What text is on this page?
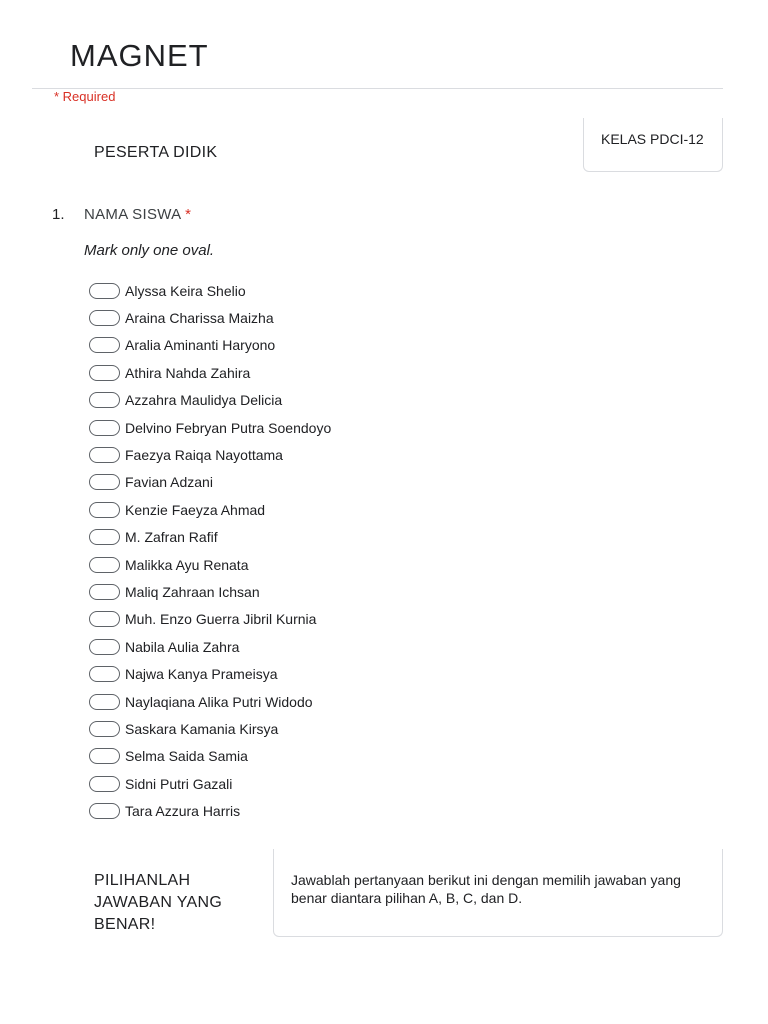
MAGNET
* Required
PESERTA DIDIK
KELAS PDCI-12
1. NAMA SISWA *
Mark only one oval.
Alyssa Keira Shelio
Araina Charissa Maizha
Aralia Aminanti Haryono
Athira Nahda Zahira
Azzahra Maulidya Delicia
Delvino Febryan Putra Soendoyo
Faezya Raiqa Nayottama
Favian Adzani
Kenzie Faeyza Ahmad
M. Zafran Rafif
Malikka Ayu Renata
Maliq Zahraan Ichsan
Muh. Enzo Guerra Jibril Kurnia
Nabila Aulia Zahra
Najwa Kanya Prameisya
Naylaqiana Alika Putri Widodo
Saskara Kamania Kirsya
Selma Saida Samia
Sidni Putri Gazali
Tara Azzura Harris
PILIHANLAH
JAWABAN YANG
BENAR!
Jawablah pertanyaan berikut ini dengan memilih jawaban yang benar diantara pilihan A, B, C, dan D.
